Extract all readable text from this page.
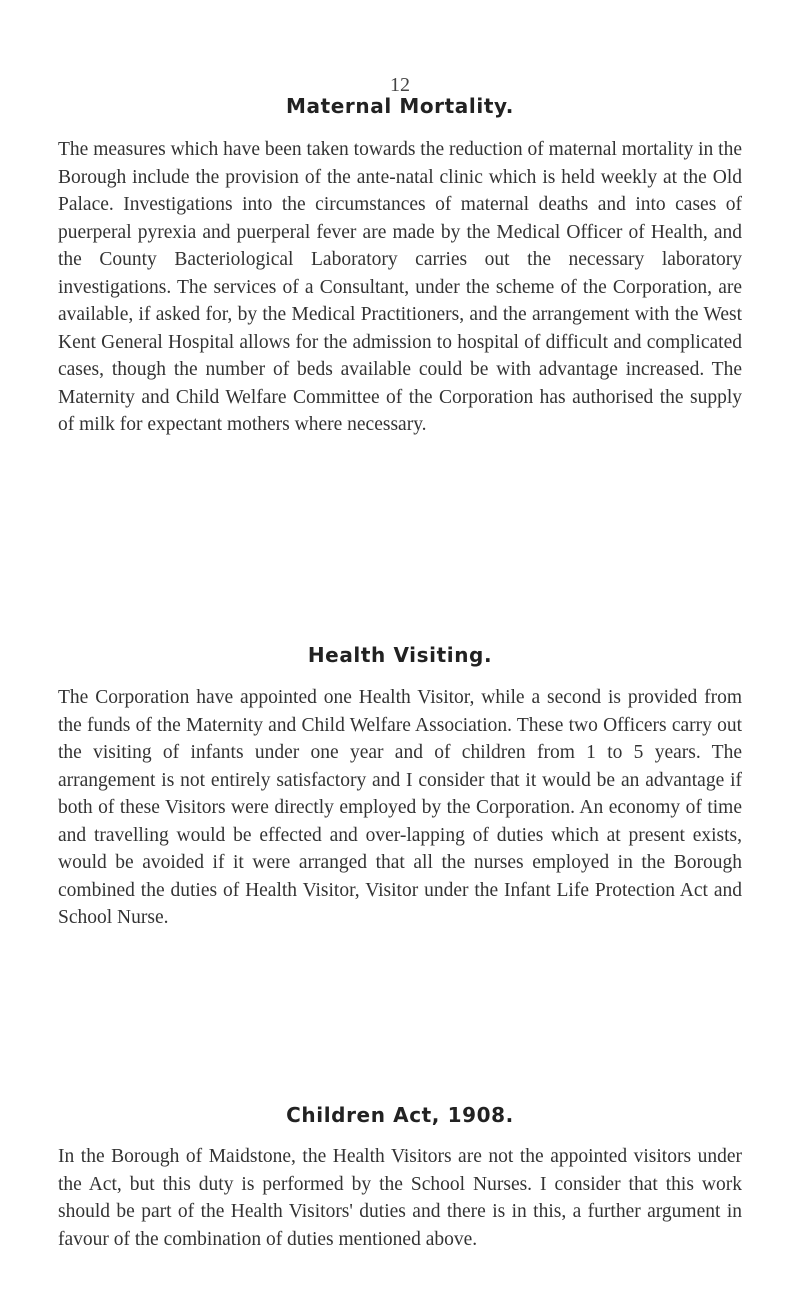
12

Maternal Mortality.

The measures which have been taken towards the reduction of maternal mortality in the Borough include the provision of the ante-natal clinic which is held weekly at the Old Palace. Investigations into the circumstances of maternal deaths and into cases of puerperal pyrexia and puerperal fever are made by the Medical Officer of Health, and the County Bacteriological Laboratory carries out the necessary laboratory investigations. The services of a Consultant, under the scheme of the Corporation, are available, if asked for, by the Medical Practitioners, and the arrangement with the West Kent General Hospital allows for the admission to hospital of difficult and complicated cases, though the number of beds available could be with advantage increased. The Maternity and Child Welfare Committee of the Corporation has authorised the supply of milk for expectant mothers where necessary.

Health Visiting.

The Corporation have appointed one Health Visitor, while a second is provided from the funds of the Maternity and Child Welfare Association. These two Officers carry out the visiting of infants under one year and of children from 1 to 5 years. The arrangement is not entirely satisfactory and I consider that it would be an advantage if both of these Visitors were directly employed by the Corporation. An economy of time and travelling would be effected and over-lapping of duties which at present exists, would be avoided if it were arranged that all the nurses employed in the Borough combined the duties of Health Visitor, Visitor under the Infant Life Protection Act and School Nurse.

Children Act, 1908.

In the Borough of Maidstone, the Health Visitors are not the appointed visitors under the Act, but this duty is performed by the School Nurses. I consider that this work should be part of the Health Visitors' duties and there is in this, a further argument in favour of the combination of duties mentioned above.
